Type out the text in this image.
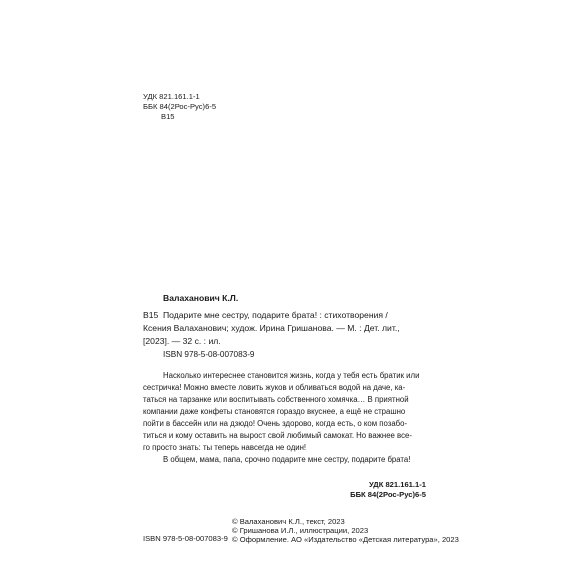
УДК 821.161.1-1
ББК 84(2Рос-Рус)6-5
В15
Валаханович К.Л.
В15 Подарите мне сестру, подарите брата! : стихотворения /
Ксения Валаханович; худож. Ирина Гришанова. — М. : Дет. лит.,
[2023]. — 32 с. : ил.
ISBN 978-5-08-007083-9
Насколько интереснее становится жизнь, когда у тебя есть братик или
сестричка! Можно вместе ловить жуков и обливаться водой на даче, ка-
таться на тарзанке или воспитывать собственного хомячка… В приятной
компании даже конфеты становятся гораздо вкуснее, а ещё не страшно
пойти в бассейн или на дзюдо! Очень здорово, когда есть, о ком позабо-
титься и кому оставить на вырост свой любимый самокат. Но важнее все-
го просто знать: ты теперь навсегда не один!
В общем, мама, папа, срочно подарите мне сестру, подарите брата!
УДК 821.161.1-1
ББК 84(2Рос-Рус)6-5
ISBN 978-5-08-007083-9
© Валаханович К.Л., текст, 2023
© Гришанова И.Л., иллюстрации, 2023
© Оформление. АО «Издательство «Детская литература», 2023
